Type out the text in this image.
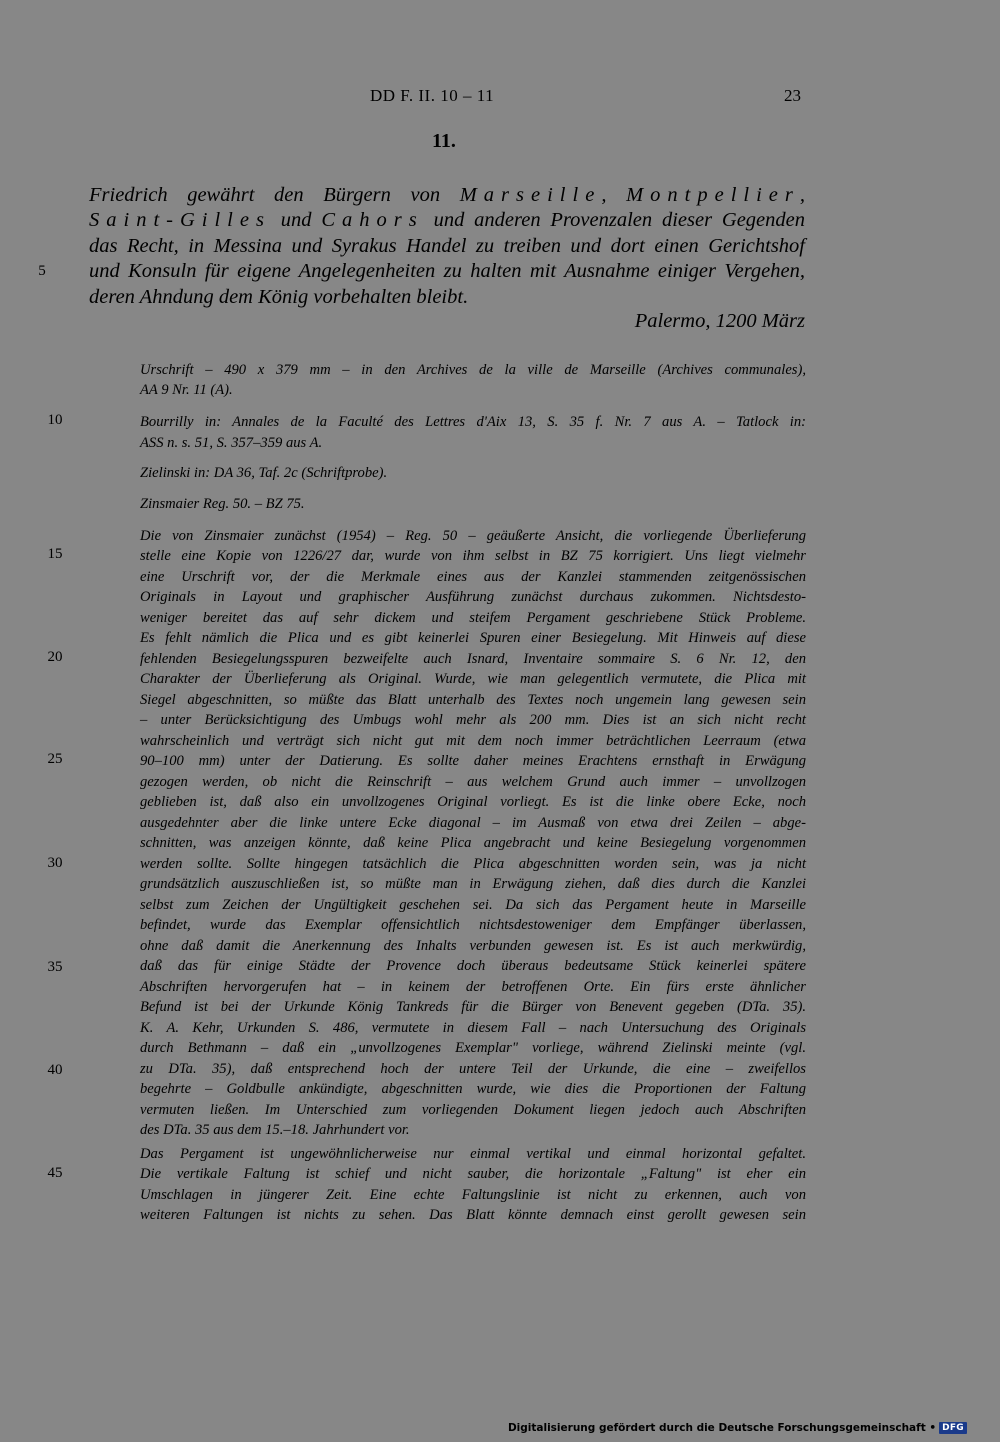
DD F. II. 10 – 11	23
11.
Friedrich gewährt den Bürgern von Marseille, Montpellier,
Saint-Gilles und Cahors und anderen Provenzalen dieser Gegenden
das Recht, in Messina und Syrakus Handel zu treiben und dort einen Gerichtshof
und Konsuln für eigene Angelegenheiten zu halten mit Ausnahme einiger Vergehen,
deren Ahndung dem König vorbehalten bleibt.
Palermo, 1200 März
5
10
15
20
25
30
35
40
45
Urschrift – 490 x 379 mm – in den Archives de la ville de Marseille (Archives communales),
AA 9 Nr. 11 (A).
Bourrilly in: Annales de la Faculté des Lettres d'Aix 13, S. 35 f. Nr. 7 aus A. – Tatlock in:
ASS n. s. 51, S. 357–359 aus A.
Zielinski in: DA 36, Taf. 2c (Schriftprobe).
Zinsmaier Reg. 50. – BZ 75.
Die von Zinsmaier zunächst (1954) – Reg. 50 – geäußerte Ansicht, die vorliegende Überlieferung
stelle eine Kopie von 1226/27 dar, wurde von ihm selbst in BZ 75 korrigiert. Uns liegt vielmehr
eine Urschrift vor, der die Merkmale eines aus der Kanzlei stammenden zeitgenössischen
Originals in Layout und graphischer Ausführung zunächst durchaus zukommen. Nichtsdesto-
weniger bereitet das auf sehr dickem und steifem Pergament geschriebene Stück Probleme.
Es fehlt nämlich die Plica und es gibt keinerlei Spuren einer Besiegelung. Mit Hinweis auf diese
fehlenden Besiegelungsspuren bezweifelte auch Isnard, Inventaire sommaire S. 6 Nr. 12, den
Charakter der Überlieferung als Original. Wurde, wie man gelegentlich vermutete, die Plica mit
Siegel abgeschnitten, so müßte das Blatt unterhalb des Textes noch ungemein lang gewesen sein
– unter Berücksichtigung des Umbugs wohl mehr als 200 mm. Dies ist an sich nicht recht
wahrscheinlich und verträgt sich nicht gut mit dem noch immer beträchtlichen Leerraum (etwa
90–100 mm) unter der Datierung. Es sollte daher meines Erachtens ernsthaft in Erwägung
gezogen werden, ob nicht die Reinschrift – aus welchem Grund auch immer – unvollzogen
geblieben ist, daß also ein unvollzogenes Original vorliegt. Es ist die linke obere Ecke, noch
ausgedehnter aber die linke untere Ecke diagonal – im Ausmaß von etwa drei Zeilen – abge-
schnitten, was anzeigen könnte, daß keine Plica angebracht und keine Besiegelung vorgenommen
werden sollte. Sollte hingegen tatsächlich die Plica abgeschnitten worden sein, was ja nicht
grundsätzlich auszuschließen ist, so müßte man in Erwägung ziehen, daß dies durch die Kanzlei
selbst zum Zeichen der Ungültigkeit geschehen sei. Da sich das Pergament heute in Marseille
befindet, wurde das Exemplar offensichtlich nichtsdestoweniger dem Empfänger überlassen,
ohne daß damit die Anerkennung des Inhalts verbunden gewesen ist. Es ist auch merkwürdig,
daß das für einige Städte der Provence doch überaus bedeutsame Stück keinerlei spätere
Abschriften hervorgerufen hat – in keinem der betroffenen Orte. Ein fürs erste ähnlicher
Befund ist bei der Urkunde König Tankreds für die Bürger von Benevent gegeben (DTa. 35).
K. A. Kehr, Urkunden S. 486, vermutete in diesem Fall – nach Untersuchung des Originals
durch Bethmann – daß ein „unvollzogenes Exemplar" vorliege, während Zielinski meinte (vgl.
zu DTa. 35), daß entsprechend hoch der untere Teil der Urkunde, die eine – zweifellos
begehrte – Goldbulle ankündigte, abgeschnitten wurde, wie dies die Proportionen der Faltung
vermuten ließen. Im Unterschied zum vorliegenden Dokument liegen jedoch auch Abschriften
des DTa. 35 aus dem 15.–18. Jahrhundert vor.
Das Pergament ist ungewöhnlicherweise nur einmal vertikal und einmal horizontal gefaltet.
Die vertikale Faltung ist schief und nicht sauber, die horizontale „Faltung" ist eher ein
Umschlagen in jüngerer Zeit. Eine echte Faltungslinie ist nicht zu erkennen, auch von
weiteren Faltungen ist nichts zu sehen. Das Blatt könnte demnach einst gerollt gewesen sein
Digitalisierung gefördert durch die Deutsche Forschungsgemeinschaft • DFG
